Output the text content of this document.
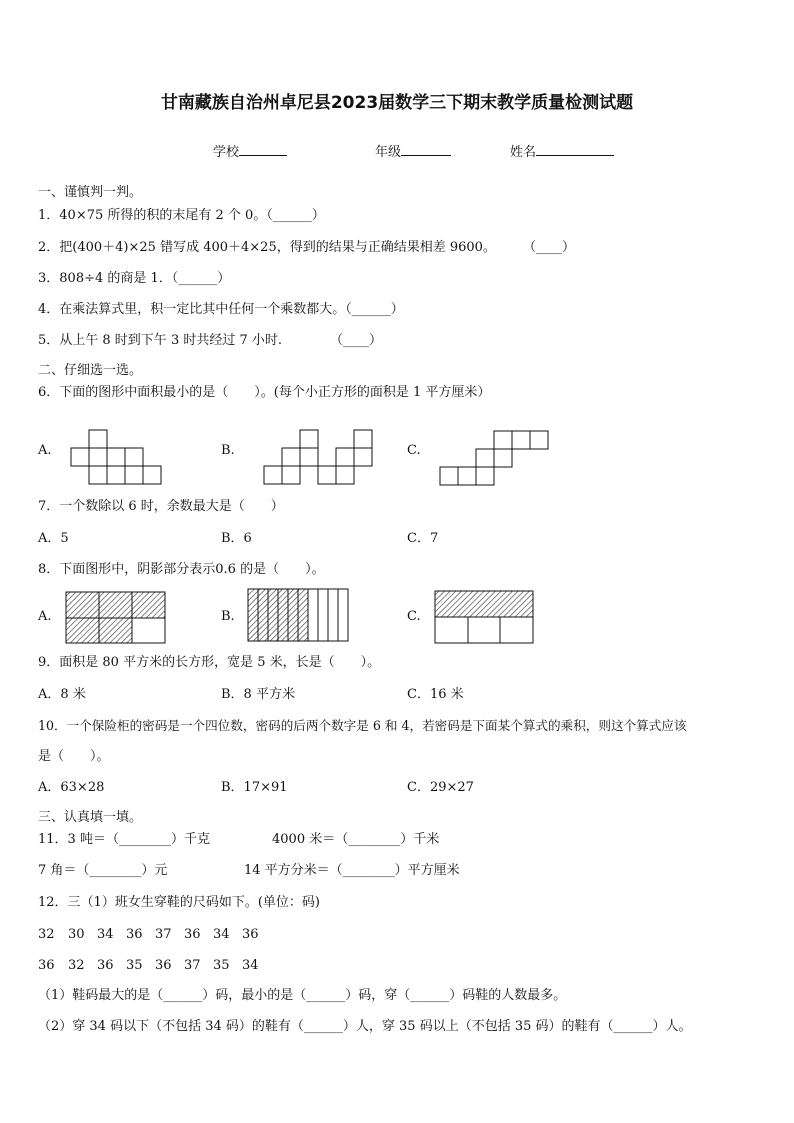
甘南藏族自治州卓尼县2023届数学三下期末教学质量检测试题
学校	年级	姓名
一、谨慎判一判。
1．40×75 所得的积的末尾有 2 个 0。（______）
2．把(400＋4)×25 错写成 400＋4×25，得到的结果与正确结果相差 9600。 （____）
3．808÷4 的商是 1．（______）
4．在乘法算式里，积一定比其中任何一个乘数都大。（______）
5．从上午 8 时到下午 3 时共经过 7 小时.	（____）
二、仔细选一选。
6．下面的图形中面积最小的是（　　）。(每个小正方形的面积是 1 平方厘米）
A.	B.	C.
7．一个数除以 6 时，余数最大是（　　）
A．5	B．6	C．7
8．下面图形中，阴影部分表示0.6 的是（　　）。
A.	B.	C.
9．面积是 80 平方米的长方形，宽是 5 米，长是（　　）。
A．8 米	B．8 平方米	C．16 米
10．一个保险柜的密码是一个四位数，密码的后两个数字是 6 和 4，若密码是下面某个算式的乘积，则这个算式应该
是（　　）。
A．63×28	B．17×91	C．29×27
三、认真填一填。
11．3 吨＝（________）千克	4000 米＝（________）千米
7 角＝（________）元	14 平方分米＝（________）平方厘米
12．三（1）班女生穿鞋的尺码如下。(单位：码)
32 30 34 36 37 36 34 36
36 32 36 35 36 37 35 34
（1）鞋码最大的是（______）码，最小的是（______）码，穿（______）码鞋的人数最多。
（2）穿 34 码以下（不包括 34 码）的鞋有（______）人，穿 35 码以上（不包括 35 码）的鞋有（______）人。
